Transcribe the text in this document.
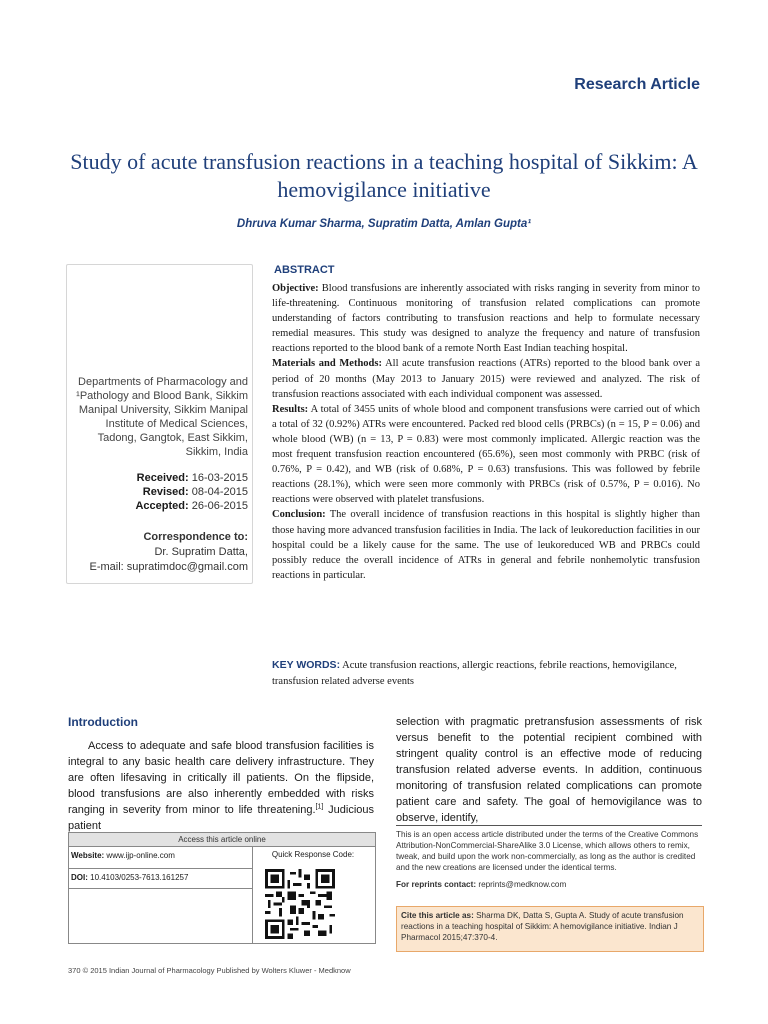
Research Article
Study of acute transfusion reactions in a teaching hospital of Sikkim: A hemovigilance initiative
Dhruva Kumar Sharma, Supratim Datta, Amlan Gupta¹
Departments of Pharmacology and ¹Pathology and Blood Bank, Sikkim Manipal University, Sikkim Manipal Institute of Medical Sciences, Tadong, Gangtok, East Sikkim, Sikkim, India
Received: 16-03-2015
Revised: 08-04-2015
Accepted: 26-06-2015
Correspondence to:
Dr. Supratim Datta,
E-mail: supratimdoc@gmail.com
ABSTRACT

Objective: Blood transfusions are inherently associated with risks ranging in severity from minor to life-threatening. Continuous monitoring of transfusion related complications can promote understanding of factors contributing to transfusion reactions and help to formulate necessary remedial measures. This study was designed to analyze the frequency and nature of transfusion reactions reported to the blood bank of a remote North East Indian teaching hospital.

Materials and Methods: All acute transfusion reactions (ATRs) reported to the blood bank over a period of 20 months (May 2013 to January 2015) were reviewed and analyzed. The risk of transfusion reactions associated with each individual component was assessed.

Results: A total of 3455 units of whole blood and component transfusions were carried out of which a total of 32 (0.92%) ATRs were encountered. Packed red blood cells (PRBCs) (n = 15, P = 0.06) and whole blood (WB) (n = 13, P = 0.83) were most commonly implicated. Allergic reaction was the most frequent transfusion reaction encountered (65.6%), seen most commonly with PRBC (risk of 0.76%, P = 0.42), and WB (risk of 0.68%, P = 0.63) transfusions. This was followed by febrile reactions (28.1%), which were seen more commonly with PRBCs (risk of 0.57%, P = 0.016). No reactions were observed with platelet transfusions.

Conclusion: The overall incidence of transfusion reactions in this hospital is slightly higher than those having more advanced transfusion facilities in India. The lack of leukoreduction facilities in our hospital could be a likely cause for the same. The use of leukoreduced WB and PRBCs could possibly reduce the overall incidence of ATRs in general and febrile nonhemolytic transfusion reactions in particular.

KEY WORDS: Acute transfusion reactions, allergic reactions, febrile reactions, hemovigilance, transfusion related adverse events
Introduction
Access to adequate and safe blood transfusion facilities is integral to any basic health care delivery infrastructure. They are often lifesaving in critically ill patients. On the flipside, blood transfusions are also inherently embedded with risks ranging in severity from minor to life threatening.[1] Judicious patient
selection with pragmatic pretransfusion assessments of risk versus benefit to the potential recipient combined with stringent quality control is an effective mode of reducing transfusion related adverse events. In addition, continuous monitoring of transfusion related complications can promote patient care and safety. The goal of hemovigilance was to observe, identify,
Access this article online
Website: www.ijp-online.com
DOI: 10.4103/0253-7613.161257
Quick Response Code:
This is an open access article distributed under the terms of the Creative Commons Attribution-NonCommercial-ShareAlike 3.0 License, which allows others to remix, tweak, and build upon the work non-commercially, as long as the author is credited and the new creations are licensed under the identical terms.
For reprints contact: reprints@medknow.com
Cite this article as: Sharma DK, Datta S, Gupta A. Study of acute transfusion reactions in a teaching hospital of Sikkim: A hemovigilance initiative. Indian J Pharmacol 2015;47:370-4.
370 © 2015 Indian Journal of Pharmacology Published by Wolters Kluwer - Medknow
